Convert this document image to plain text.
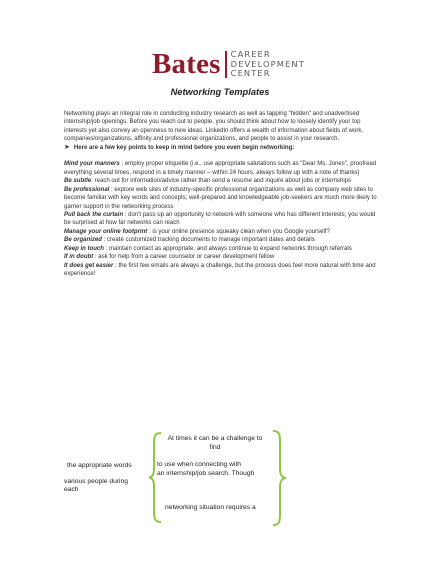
Bates CAREER
DEVELOPMENT
CENTER
Networking Templates

Networking plays an integral role in conducting industry research as well as tapping "hidden" and unadvertised internship/job openings. Before you reach out to people, you should think about how to loosely identify your top interests yet also convey an openness to new ideas. LinkedIn offers a wealth of information about fields of work, companies/organizations, affinity and professional organizations, and people to assist in your research.

➤ Here are a few key points to keep in mind before you even begin networking:

Mind your manners : employ proper etiquette (i.e., use appropriate salutations such as "Dear Ms. Jones", proofread everything several times, respond in a timely manner – within 24 hours, always follow up with a note of thanks)

Be subtle: reach out for information/advice rather than send a resume and inquire about jobs or internships

Be professional : explore web sites of industry-specific professional organizations as well as company web sites to become familiar with key words and concepts; well-prepared and knowledgeable job-seekers are much more likely to garner support in the networking process

Pull back the curtain : don't pass up an opportunity to network with someone who has different interests; you would be surprised at how far networks can reach

Manage your online footprint : is your online presence squeaky clean when you Google yourself?

Be organized : create customized tracking documents to manage important dates and details

Keep in touch : maintain contact as appropriate, and always continue to expand networks through referrals

If in doubt : ask for help from a career counselor or career development fellow

It does get easier : the first few emails are always a challenge, but the process does feel more natural with time and experience!

At times it can be a challenge to
find
the appropriate words	to use when connecting with
an internship/job search. Though
various people during
each
networking situation requires a
